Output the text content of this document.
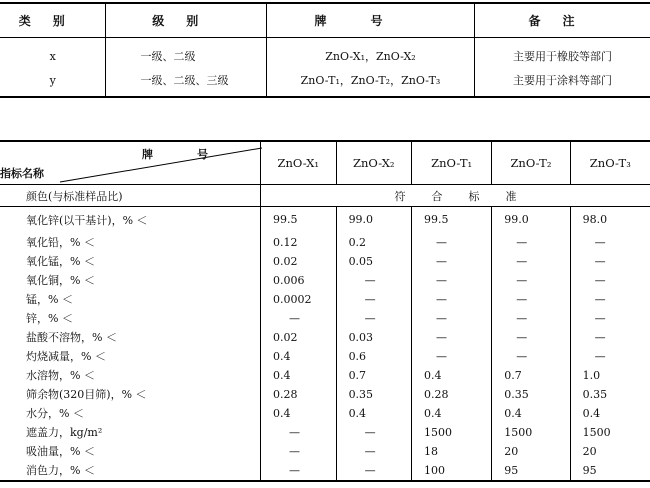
类别	级别	牌号	备注
x	一级、二级	ZnO-X₁，ZnO-X₂	主要用于橡胶等部门
y	一级、二级、三级	ZnO-T₁，ZnO-T₂，ZnO-T₃	主要用于涂料等部门
牌号
指标名称	ZnO-X₁	ZnO-X₂	ZnO-T₁	ZnO-T₂	ZnO-T₃
颜色(与标准样品比)	符合标准				
氧化锌(以干基计)，% ＜	99.5	99.0	99.5	99.0	98.0
氧化铅，% ＜	0.12	0.2	—	—	—
氧化锰，% ＜	0.02	0.05	—	—	—
氧化铜，% ＜	0.006	—	—	—	—
锰，% ＜	0.0002	—	—	—	—
锌，% ＜	—	—	—	—	—
盐酸不溶物，% ＜	0.02	0.03	—	—	—
灼烧减量，% ＜	0.4	0.6	—	—	—
水溶物，% ＜	0.4	0.7	0.4	0.7	1.0
筛余物(320目筛)，% ＜	0.28	0.35	0.28	0.35	0.35
水分，% ＜	0.4	0.4	0.4	0.4	0.4
遮盖力，kg/m²	—	—	1500	1500	1500
吸油量，% ＜	—	—	18	20	20
消色力，% ＜	—	—	100	95	95
